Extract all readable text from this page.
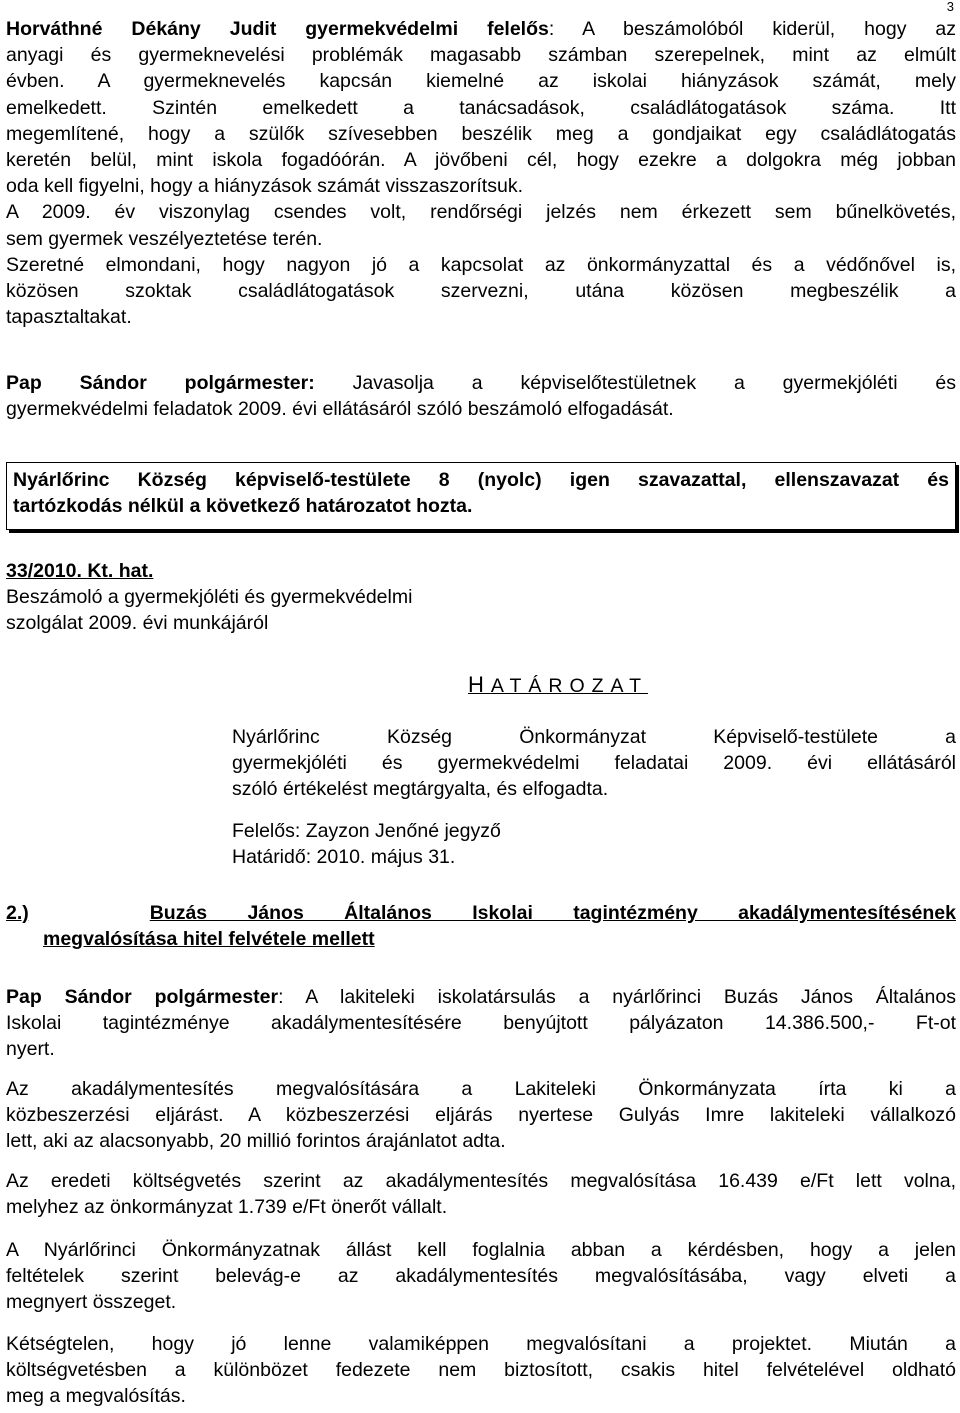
3
Horváthné Dékány Judit gyermekvédelmi felelős: A beszámolóból kiderül, hogy az
anyagi és gyermeknevelési problémák magasabb számban szerepelnek, mint az elmúlt
évben. A gyermeknevelés kapcsán kiemelné az iskolai hiányzások számát, mely
emelkedett. Szintén emelkedett a tanácsadások, családlátogatások száma. Itt
megemlítené, hogy a szülők szívesebben beszélik meg a gondjaikat egy családlátogatás
keretén belül, mint iskola fogadóórán. A jövőbeni cél, hogy ezekre a dolgokra még jobban
oda kell figyelni, hogy a hiányzások számát visszaszorítsuk.
A 2009. év viszonylag csendes volt, rendőrségi jelzés nem érkezett sem bűnelkövetés,
sem gyermek veszélyeztetése terén.
Szeretné elmondani, hogy nagyon jó a kapcsolat az önkormányzattal és a védőnővel is,
közösen szoktak családlátogatások szervezni, utána közösen megbeszélik a
tapasztaltakat.
Pap Sándor polgármester: Javasolja a képviselőtestületnek a gyermekjóléti és
gyermekvédelmi feladatok 2009. évi ellátásáról szóló beszámoló elfogadását.
Nyárlőrinc Község képviselő-testülete 8 (nyolc) igen szavazattal, ellenszavazat és
tartózkodás nélkül a következő határozatot hozta.
33/2010. Kt. hat.
Beszámoló a gyermekjóléti és gyermekvédelmi
szolgálat 2009. évi munkájáról
HATÁROZAT
Nyárlőrinc Község Önkormányzat Képviselő-testülete a
gyermekjóléti és gyermekvédelmi feladatai 2009. évi ellátásáról
szóló értékelést megtárgyalta, és elfogadta.
Felelős: Zayzon Jenőné jegyző
Határidő: 2010. május 31.
2.)	Buzás János Általános Iskolai tagintézmény akadálymentesítésének
megvalósítása hitel felvétele mellett
Pap Sándor polgármester: A lakiteleki iskolatársulás a nyárlőrinci Buzás János Általános
Iskolai tagintézménye akadálymentesítésére benyújtott pályázaton 14.386.500,- Ft-ot
nyert.
Az akadálymentesítés megvalósítására a Lakiteleki Önkormányzata írta ki a
közbeszerzési eljárást. A közbeszerzési eljárás nyertese Gulyás Imre lakiteleki vállalkozó
lett, aki az alacsonyabb, 20 millió forintos árajánlatot adta.
Az eredeti költségvetés szerint az akadálymentesítés megvalósítása 16.439 e/Ft lett volna,
melyhez az önkormányzat 1.739 e/Ft önerőt vállalt.
A Nyárlőrinci Önkormányzatnak állást kell foglalnia abban a kérdésben, hogy a jelen
feltételek szerint belevág-e az akadálymentesítés megvalósításába, vagy elveti a
megnyert összeget.
Kétségtelen, hogy jó lenne valamiképpen megvalósítani a projektet. Miután a
költségvetésben a különbözet fedezete nem biztosított, csakis hitel felvételével oldható
meg a megvalósítás.
